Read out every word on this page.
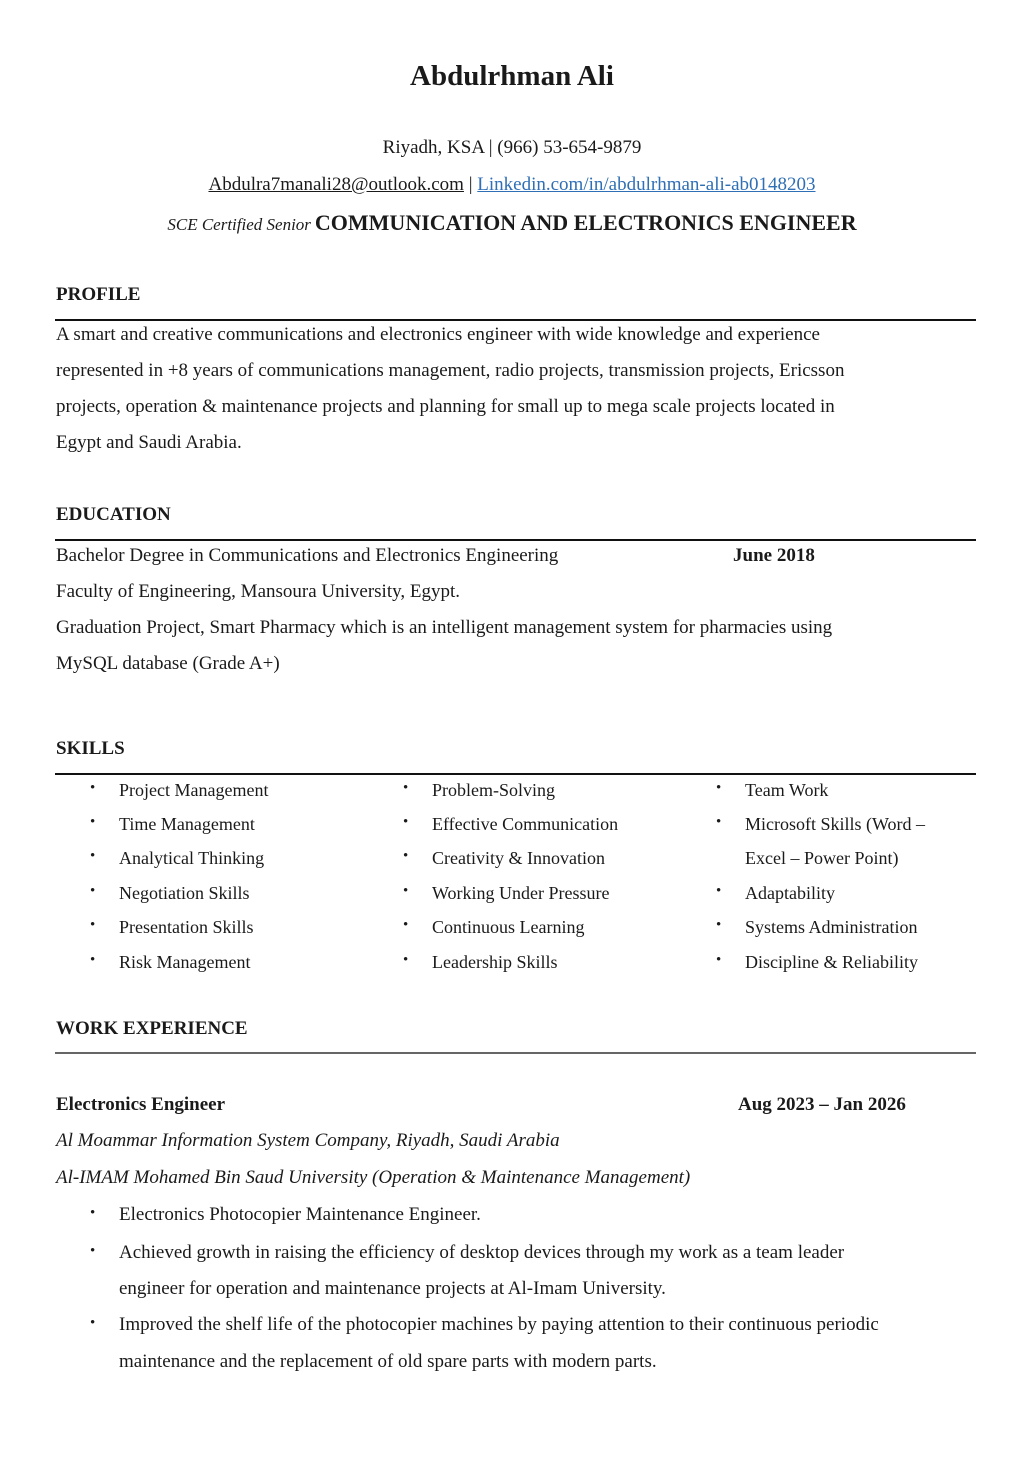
Abdulrhman Ali
Riyadh, KSA | (966) 53-654-9879
Abdulra7manali28@outlook.com | Linkedin.com/in/abdulrhman-ali-ab0148203
SCE Certified Senior COMMUNICATION AND ELECTRONICS ENGINEER
PROFILE
A smart and creative communications and electronics engineer with wide knowledge and experience
represented in +8 years of communications management, radio projects, transmission projects, Ericsson
projects, operation & maintenance projects and planning for small up to mega scale projects located in
Egypt and Saudi Arabia.
EDUCATION
Bachelor Degree in Communications and Electronics Engineering	June 2018
Faculty of Engineering, Mansoura University, Egypt.
Graduation Project, Smart Pharmacy which is an intelligent management system for pharmacies using
MySQL database (Grade A+)
SKILLS
• Project Management
• Time Management
• Analytical Thinking
• Negotiation Skills
• Presentation Skills
• Risk Management
• Problem-Solving
• Effective Communication
• Creativity & Innovation
• Working Under Pressure
• Continuous Learning
• Leadership Skills
• Team Work
• Microsoft Skills (Word –
Excel – Power Point)
• Adaptability
• Systems Administration
• Discipline & Reliability
WORK EXPERIENCE
Electronics Engineer	Aug 2023 – Jan 2026
Al Moammar Information System Company, Riyadh, Saudi Arabia
Al-IMAM Mohamed Bin Saud University (Operation & Maintenance Management)
• Electronics Photocopier Maintenance Engineer.
• Achieved growth in raising the efficiency of desktop devices through my work as a team leader
engineer for operation and maintenance projects at Al-Imam University.
• Improved the shelf life of the photocopier machines by paying attention to their continuous periodic
maintenance and the replacement of old spare parts with modern parts.
